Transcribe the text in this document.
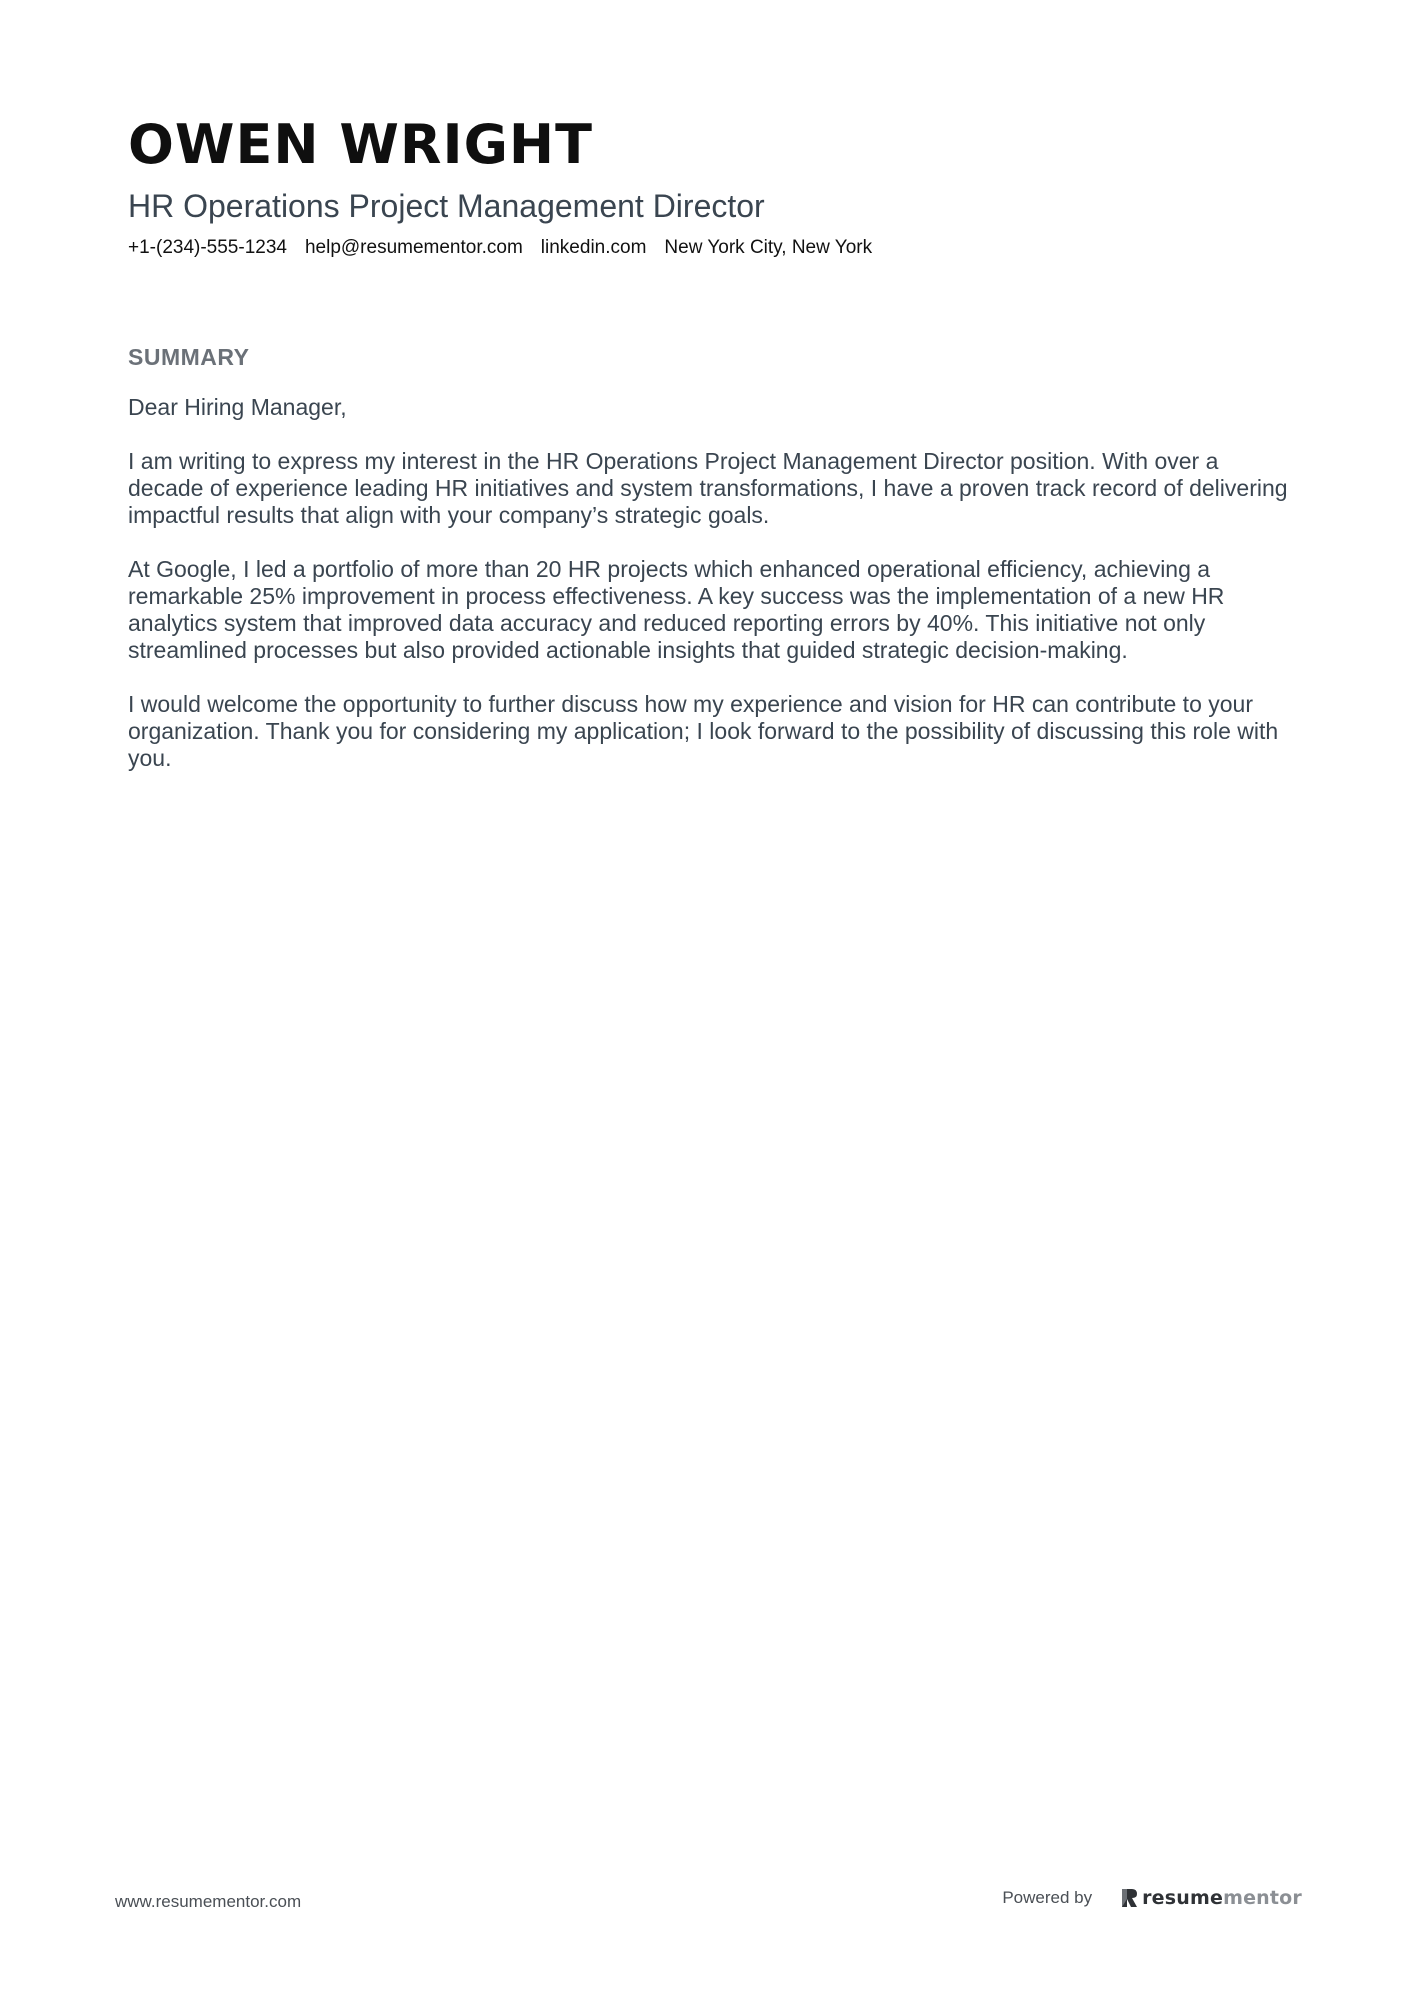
OWEN WRIGHT
HR Operations Project Management Director
+1-(234)-555-1234 help@resumementor.com linkedin.com New York City, New York
SUMMARY

Dear Hiring Manager,

I am writing to express my interest in the HR Operations Project Management Director position. With over a decade of experience leading HR initiatives and system transformations, I have a proven track record of delivering impactful results that align with your company’s strategic goals.

At Google, I led a portfolio of more than 20 HR projects which enhanced operational efficiency, achieving a remarkable 25% improvement in process effectiveness. A key success was the implementation of a new HR analytics system that improved data accuracy and reduced reporting errors by 40%. This initiative not only streamlined processes but also provided actionable insights that guided strategic decision-making.

I would welcome the opportunity to further discuss how my experience and vision for HR can contribute to your organization. Thank you for considering my application; I look forward to the possibility of discussing this role with you.

www.resumementor.com	Powered by	resumementor
